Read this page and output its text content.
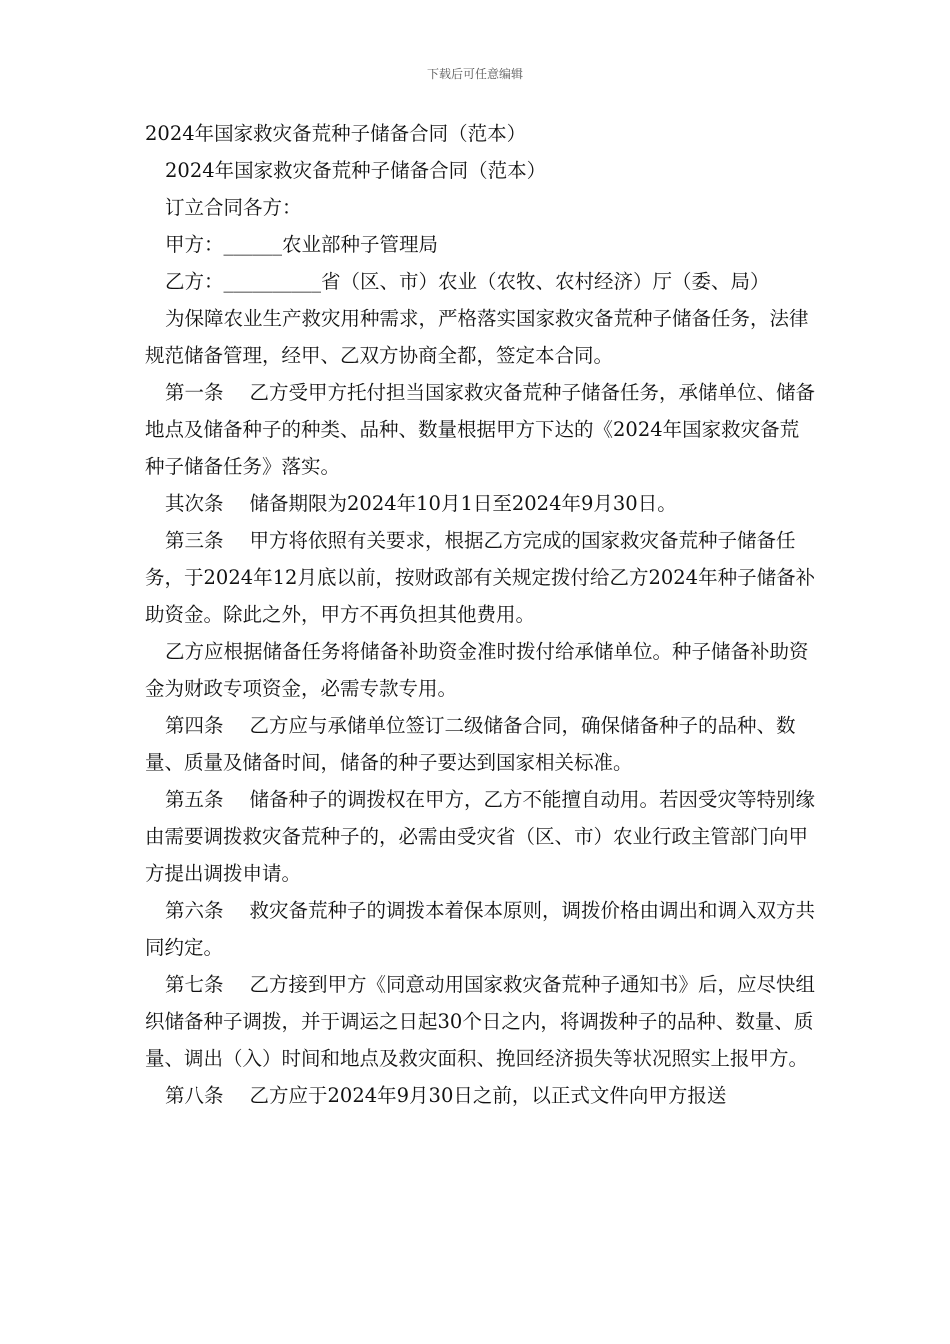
下载后可任意编辑

2024年国家救灾备荒种子储备合同（范本）

2024年国家救灾备荒种子储备合同（范本）

订立合同各方：

甲方：______农业部种子管理局

乙方：__________省（区、市）农业（农牧、农村经济）厅（委、局）

为保障农业生产救灾用种需求，严格落实国家救灾备荒种子储备任务，法律规范储备管理，经甲、乙双方协商全都，签定本合同。

第一条 乙方受甲方托付担当国家救灾备荒种子储备任务，承储单位、储备地点及储备种子的种类、品种、数量根据甲方下达的《2024年国家救灾备荒种子储备任务》落实。

其次条 储备期限为2024年10月1日至2024年9月30日。

第三条 甲方将依照有关要求，根据乙方完成的国家救灾备荒种子储备任务，于2024年12月底以前，按财政部有关规定拨付给乙方2024年种子储备补助资金。除此之外，甲方不再负担其他费用。

乙方应根据储备任务将储备补助资金准时拨付给承储单位。种子储备补助资金为财政专项资金，必需专款专用。

第四条 乙方应与承储单位签订二级储备合同，确保储备种子的品种、数量、质量及储备时间，储备的种子要达到国家相关标准。

第五条 储备种子的调拨权在甲方，乙方不能擅自动用。若因受灾等特别缘由需要调拨救灾备荒种子的，必需由受灾省（区、市）农业行政主管部门向甲方提出调拨申请。

第六条 救灾备荒种子的调拨本着保本原则，调拨价格由调出和调入双方共同约定。

第七条 乙方接到甲方《同意动用国家救灾备荒种子通知书》后，应尽快组织储备种子调拨，并于调运之日起30个日之内，将调拨种子的品种、数量、质量、调出（入）时间和地点及救灾面积、挽回经济损失等状况照实上报甲方。

第八条 乙方应于2024年9月30日之前，以正式文件向甲方报送
